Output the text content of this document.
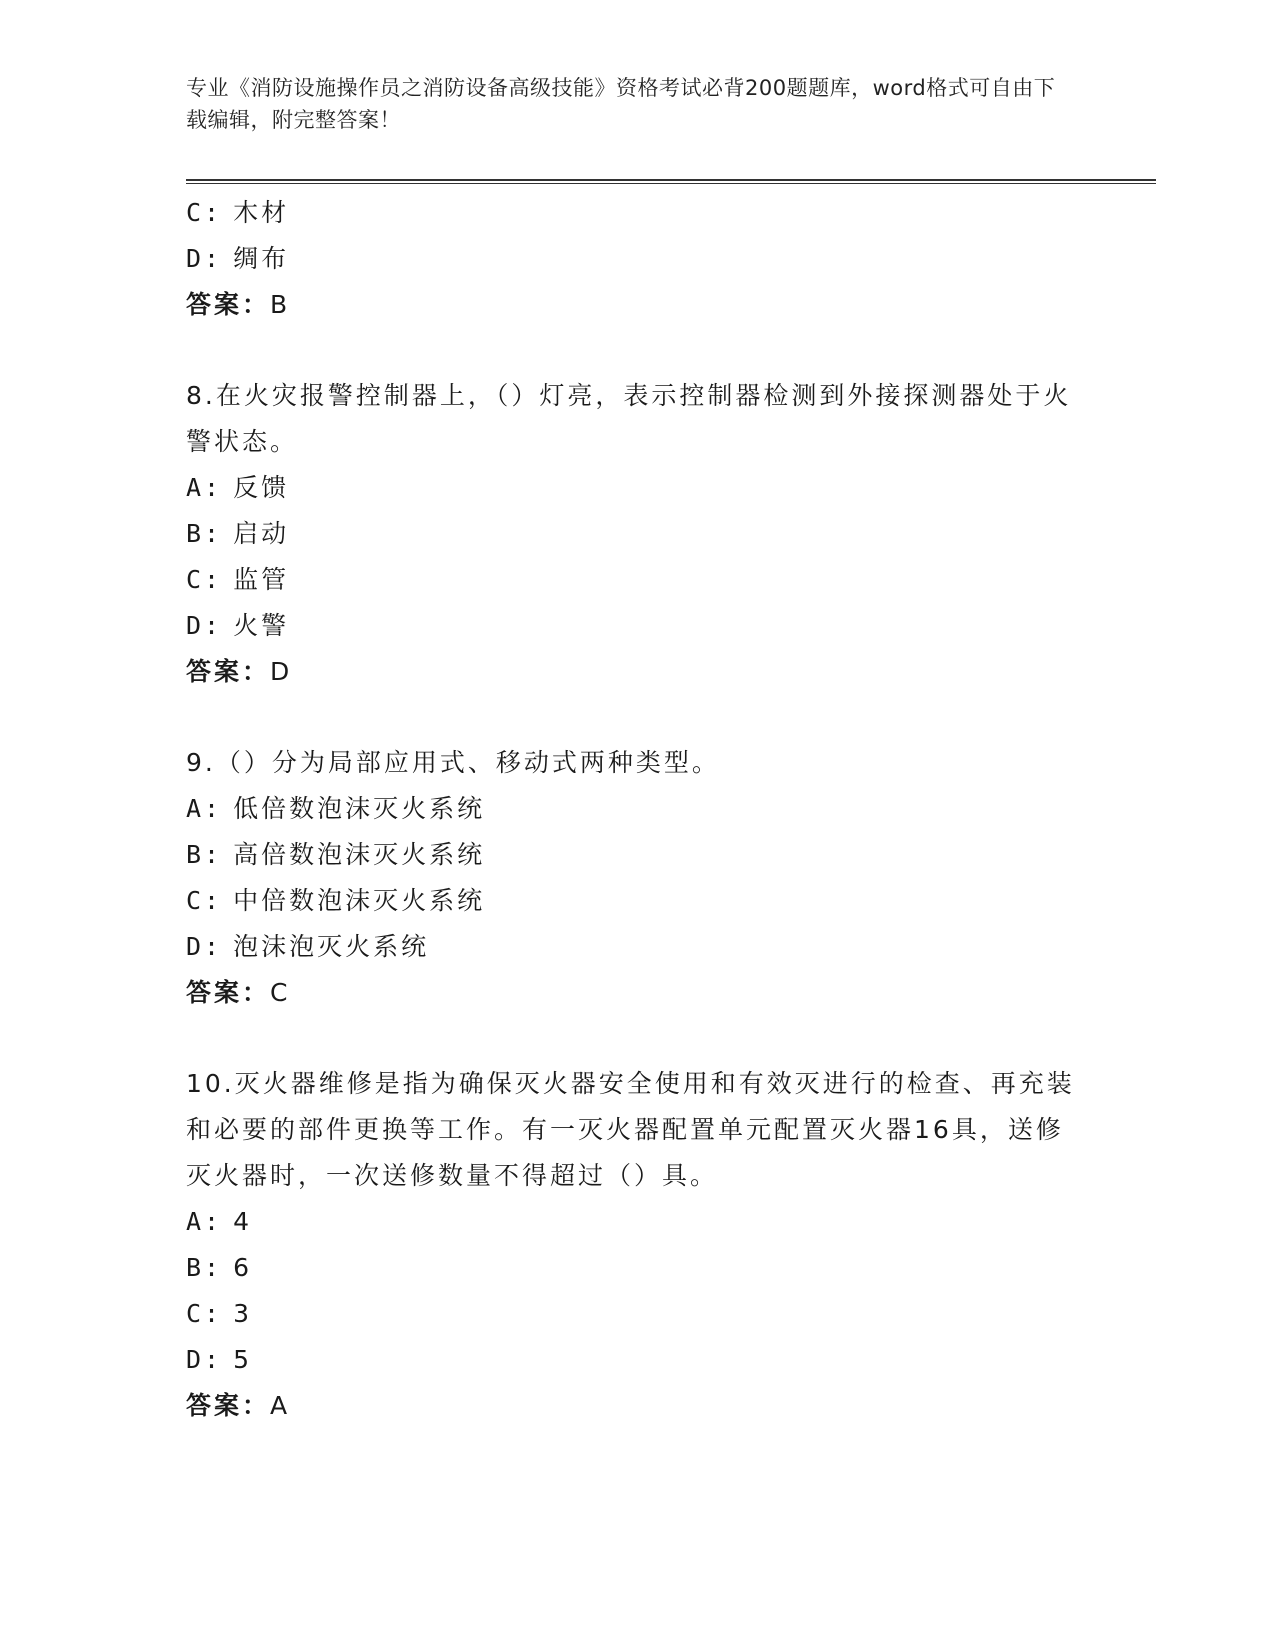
专业《消防设施操作员之消防设备高级技能》资格考试必背200题题库，word格式可自由下载编辑，附完整答案！
C: 木材
D: 绸布
答案：B
8.在火灾报警控制器上，（）灯亮，表示控制器检测到外接探测器处于火警状态。
A: 反馈
B: 启动
C: 监管
D: 火警
答案：D
9.（）分为局部应用式、移动式两种类型。
A: 低倍数泡沫灭火系统
B: 高倍数泡沫灭火系统
C: 中倍数泡沫灭火系统
D: 泡沫泡灭火系统
答案：C
10.灭火器维修是指为确保灭火器安全使用和有效灭进行的检查、再充装和必要的部件更换等工作。有一灭火器配置单元配置灭火器16具，送修灭火器时，一次送修数量不得超过（）具。
A: 4
B: 6
C: 3
D: 5
答案：A
